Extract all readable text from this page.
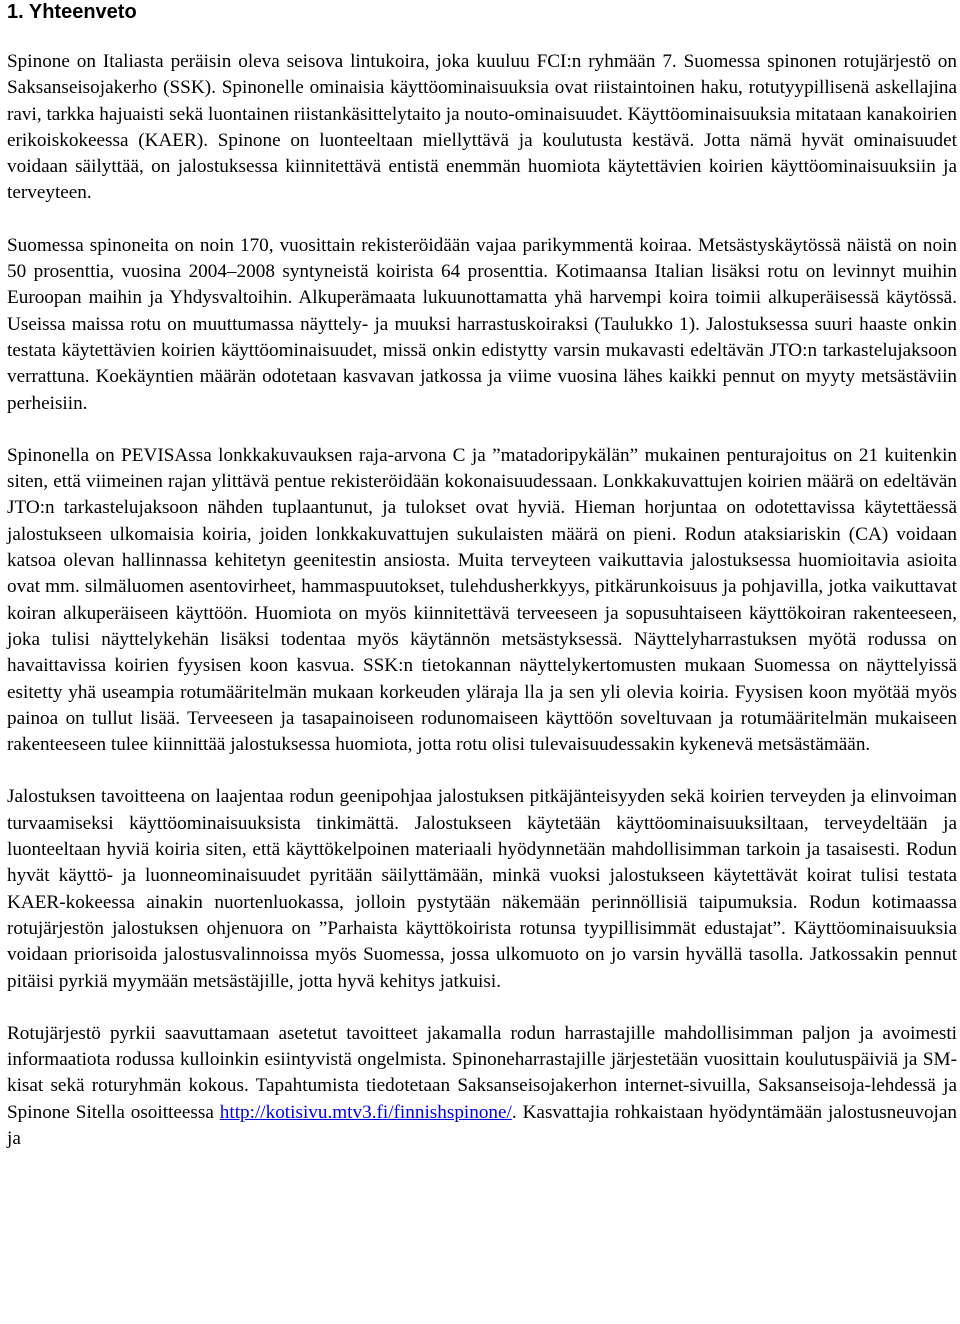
1. Yhteenveto

Spinone on Italiasta peräisin oleva seisova lintukoira, joka kuuluu FCI:n ryhmään 7. Suomessa spinonen rotujärjestö on Saksanseisojakerho (SSK). Spinonelle ominaisia käyttöominaisuuksia ovat riistaintoinen haku, rotutyypillisenä askellajina ravi, tarkka hajuaisti sekä luontainen riistankäsittelytaito ja nouto-ominaisuudet. Käyttöominaisuuksia mitataan kanakoirien erikoiskokeessa (KAER). Spinone on luonteeltaan miellyttävä ja koulutusta kestävä. Jotta nämä hyvät ominaisuudet voidaan säilyttää, on jalostuksessa kiinnitettävä entistä enemmän huomiota käytettävien koirien käyttöominaisuuksiin ja terveyteen.

Suomessa spinoneita on noin 170, vuosittain rekisteröidään vajaa parikymmentä koiraa. Metsästyskäytössä näistä on noin 50 prosenttia, vuosina 2004–2008 syntyneistä koirista 64 prosenttia. Kotimaansa Italian lisäksi rotu on levinnyt muihin Euroopan maihin ja Yhdysvaltoihin. Alkuperämaata lukuunottamatta yhä harvempi koira toimii alkuperäisessä käytössä. Useissa maissa rotu on muuttumassa näyttely- ja muuksi harrastuskoiraksi (Taulukko 1). Jalostuksessa suuri haaste onkin testata käytettävien koirien käyttöominaisuudet, missä onkin edistytty varsin mukavasti edeltävän JTO:n tarkastelujaksoon verrattuna. Koekäyntien määrän odotetaan kasvavan jatkossa ja viime vuosina lähes kaikki pennut on myyty metsästäviin perheisiin.

Spinonella on PEVISAssa lonkkakuvauksen raja-arvona C ja ”matadoripykälän” mukainen penturajoitus on 21 kuitenkin siten, että viimeinen rajan ylittävä pentue rekisteröidään kokonaisuudessaan. Lonkkakuvattujen koirien määrä on edeltävän JTO:n tarkastelujaksoon nähden tuplaantunut, ja tulokset ovat hyviä. Hieman horjuntaa on odotettavissa käytettäessä jalostukseen ulkomaisia koiria, joiden lonkkakuvattujen sukulaisten määrä on pieni. Rodun ataksiariskin (CA) voidaan katsoa olevan hallinnassa kehitetyn geenitestin ansiosta. Muita terveyteen vaikuttavia jalostuksessa huomioitavia asioita ovat mm. silmäluomen asentovirheet, hammaspuutokset, tulehdusherkkyys, pitkärunkoisuus ja pohjavilla, jotka vaikuttavat koiran alkuperäiseen käyttöön. Huomiota on myös kiinnitettävä terveeseen ja sopusuhtaiseen käyttökoiran rakenteeseen, joka tulisi näyttelykehän lisäksi todentaa myös käytännön metsästyksessä. Näyttelyharrastuksen myötä rodussa on havaittavissa koirien fyysisen koon kasvua. SSK:n tietokannan näyttelykertomusten mukaan Suomessa on näyttelyissä esitetty yhä useampia rotumääritelmän mukaan korkeuden yläraja lla ja sen yli olevia koiria. Fyysisen koon myötää myös painoa on tullut lisää. Terveeseen ja tasapainoiseen rodunomaiseen käyttöön soveltuvaan ja rotumääritelmän mukaiseen rakenteeseen tulee kiinnittää jalostuksessa huomiota, jotta rotu olisi tulevaisuudessakin kykenevä metsästämään.

Jalostuksen tavoitteena on laajentaa rodun geenipohjaa jalostuksen pitkäjänteisyyden sekä koirien terveyden ja elinvoiman turvaamiseksi käyttöominaisuuksista tinkimättä. Jalostukseen käytetään käyttöominaisuuksiltaan, terveydeltään ja luonteeltaan hyviä koiria siten, että käyttökelpoinen materiaali hyödynnetään mahdollisimman tarkoin ja tasaisesti. Rodun hyvät käyttö- ja luonneominaisuudet pyritään säilyttämään, minkä vuoksi jalostukseen käytettävät koirat tulisi testata KAER-kokeessa ainakin nuortenluokassa, jolloin pystytään näkemään perinnöllisiä taipumuksia. Rodun kotimaassa rotujärjestön jalostuksen ohjenuora on ”Parhaista käyttökoirista rotunsa tyypillisimmät edustajat”. Käyttöominaisuuksia voidaan priorisoida jalostusvalinnoissa myös Suomessa, jossa ulkomuoto on jo varsin hyvällä tasolla. Jatkossakin pennut pitäisi pyrkiä myymään metsästäjille, jotta hyvä kehitys jatkuisi.

Rotujärjestö pyrkii saavuttamaan asetetut tavoitteet jakamalla rodun harrastajille mahdollisimman paljon ja avoimesti informaatiota rodussa kulloinkin esiintyvistä ongelmista. Spinoneharrastajille järjestetään vuosittain koulutuspäiviä ja SM-kisat sekä roturyhmän kokous. Tapahtumista tiedotetaan Saksanseisojakerhon internet-sivuilla, Saksanseisoja-lehdessä ja Spinone Sitella osoitteessa http://kotisivu.mtv3.fi/finnishspinone/. Kasvattajia rohkaistaan hyödyntämään jalostusneuvojan ja
